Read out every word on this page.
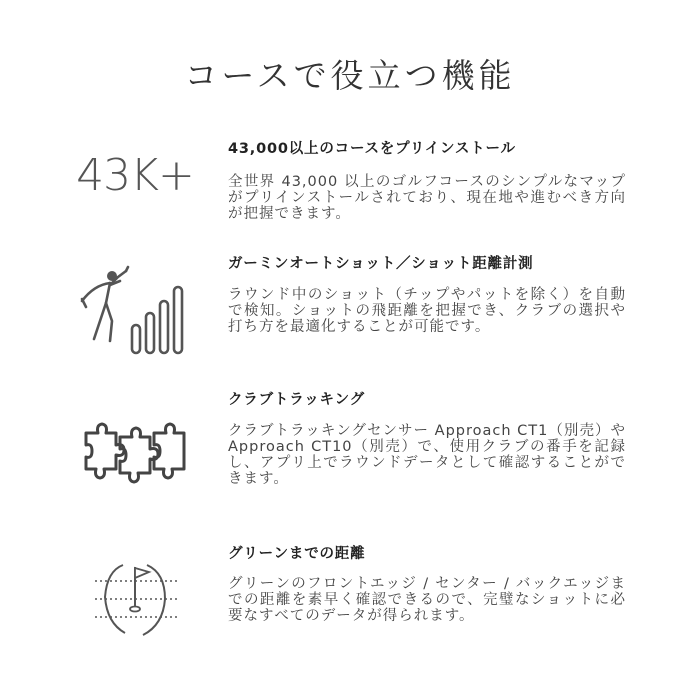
コースで役立つ機能
43K+
43,000以上のコースをプリインストール
全世界 43,000 以上のゴルフコースのシンプルなマップがプリインストールされており、現在地や進むべき方向が把握できます。
ガーミンオートショット／ショット距離計測
ラウンド中のショット（チップやパットを除く）を自動で検知。ショットの飛距離を把握でき、クラブの選択や打ち方を最適化することが可能です。
クラブトラッキング
クラブトラッキングセンサー Approach CT1（別売）や Approach CT10（別売）で、使用クラブの番手を記録し、アプリ上でラウンドデータとして確認することができます。
グリーンまでの距離
グリーンのフロントエッジ / センター / バックエッジまでの距離を素早く確認できるので、完璧なショットに必要なすべてのデータが得られます。
